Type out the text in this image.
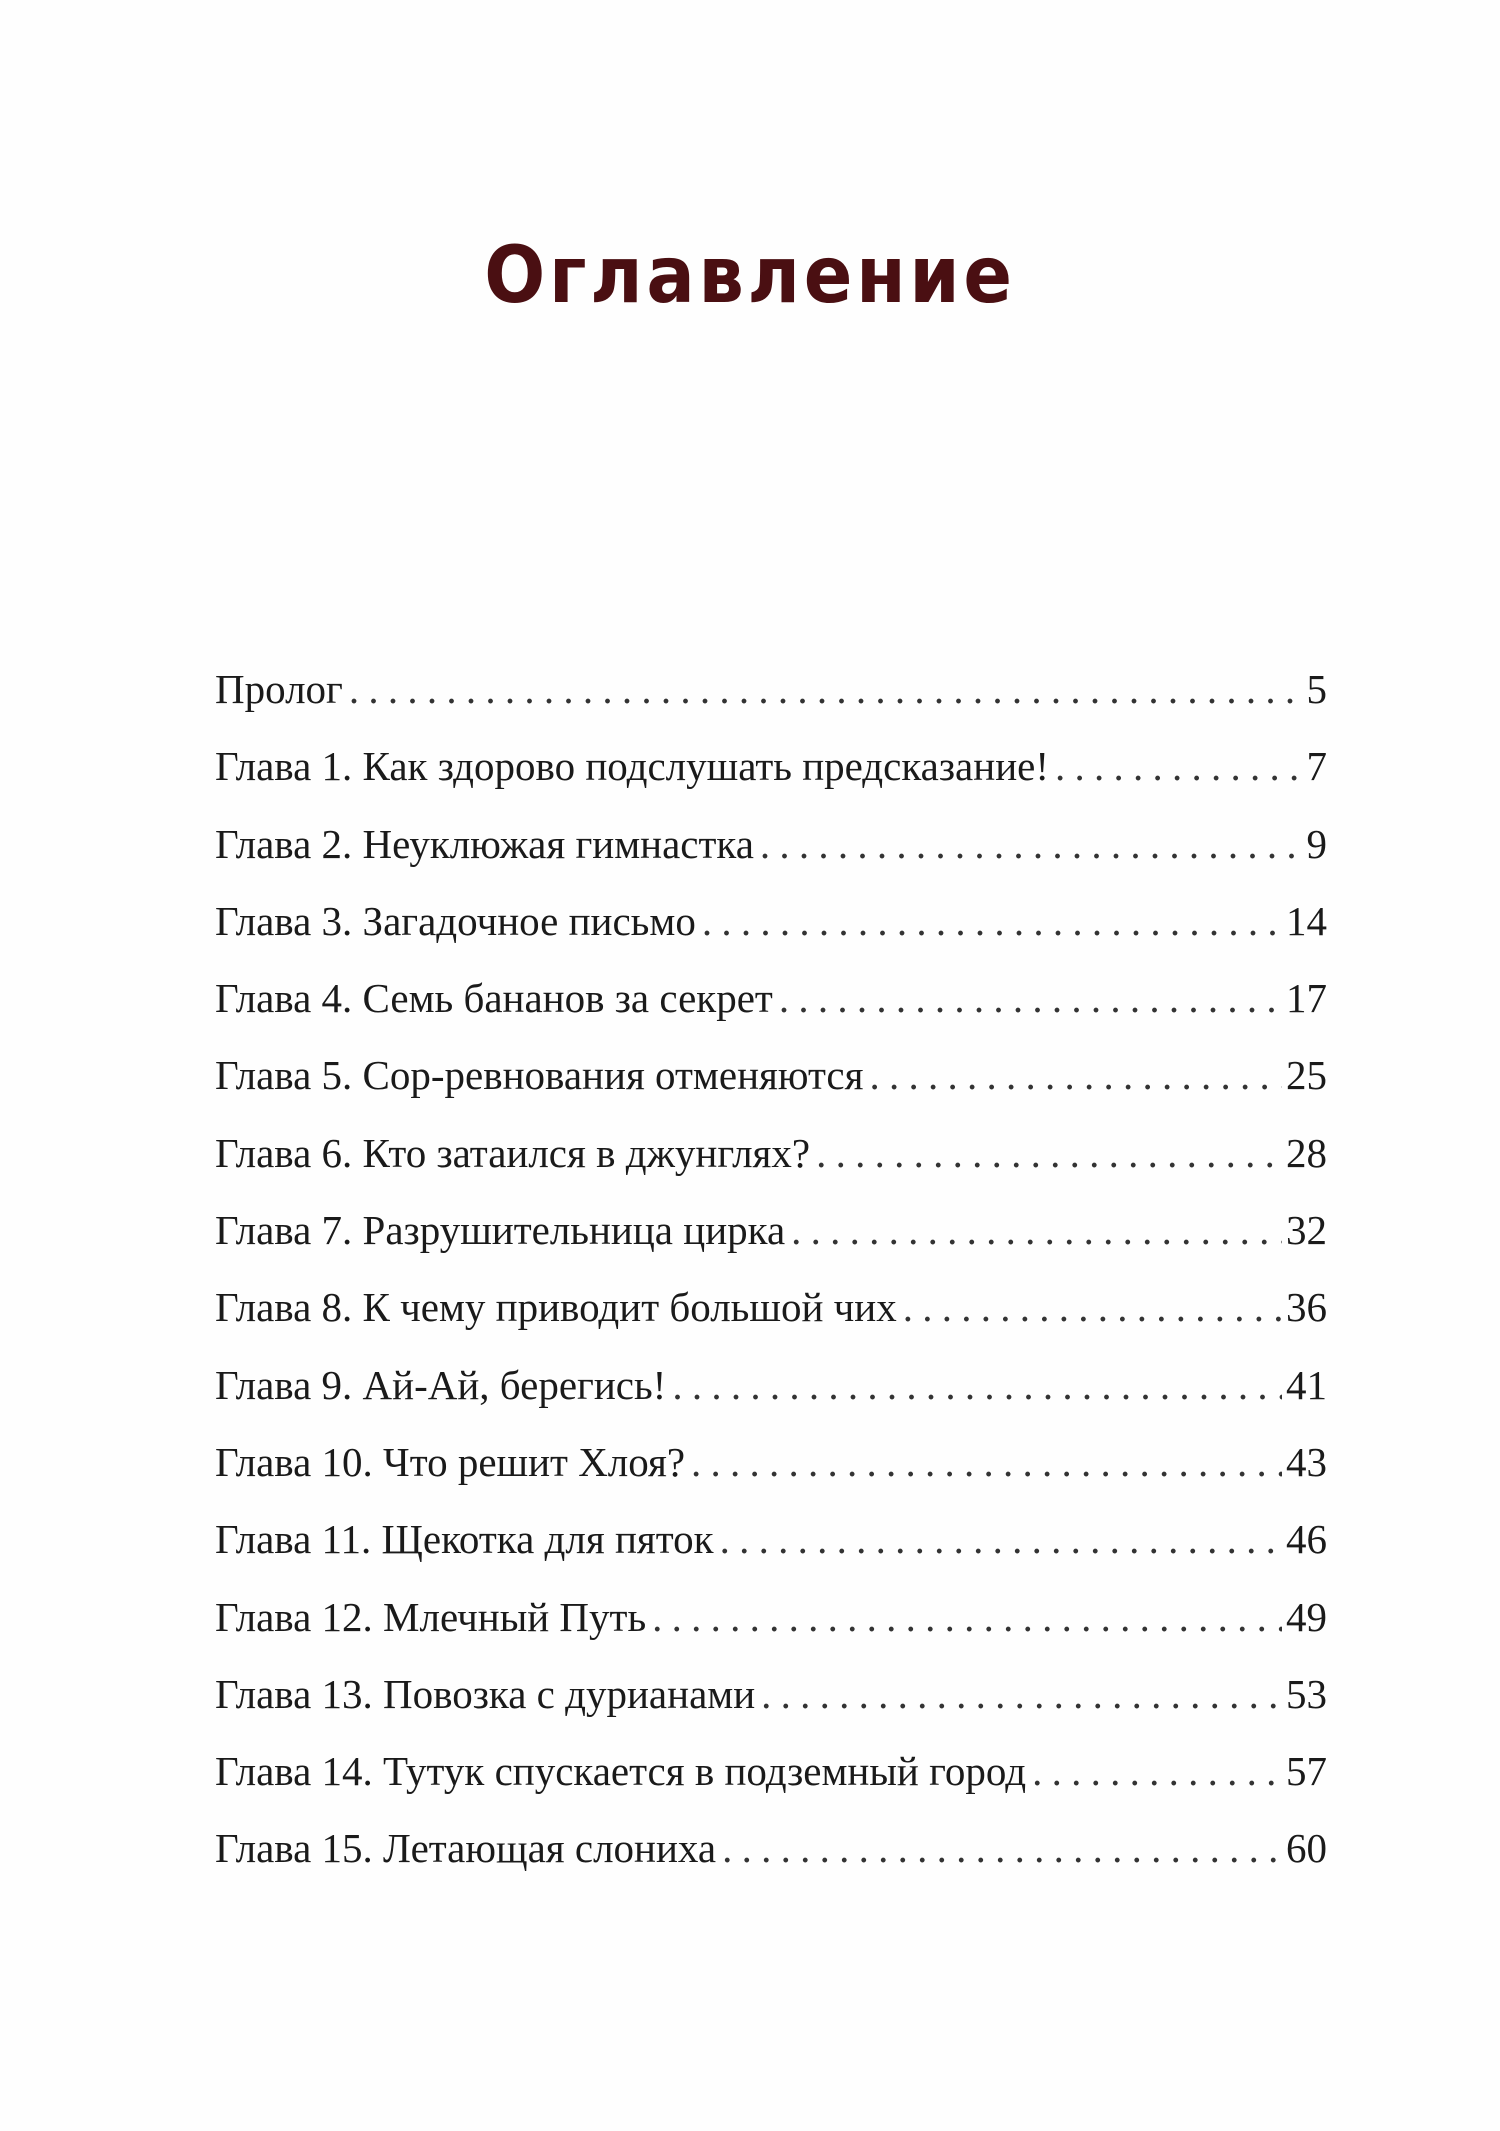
Оглавление
Пролог . . .	5
Глава 1. Как здорово подслушать предсказание! . . .	7
Глава 2. Неуклюжая гимнастка . . .	9
Глава 3. Загадочное письмо . . .	14
Глава 4. Семь бананов за секрет . . .	17
Глава 5. Сор-ревнования отменяются . . .	25
Глава 6. Кто затаился в джунглях? . . .	28
Глава 7. Разрушительница цирка . . .	32
Глава 8. К чему приводит большой чих . . .	36
Глава 9. Ай-Ай, берегись! . . .	41
Глава 10. Что решит Хлоя? . . .	43
Глава 11. Щекотка для пяток . . .	46
Глава 12. Млечный Путь . . .	49
Глава 13. Повозка с дурианами . . .	53
Глава 14. Тутук спускается в подземный город . . .	57
Глава 15. Летающая слониха . . .	60
